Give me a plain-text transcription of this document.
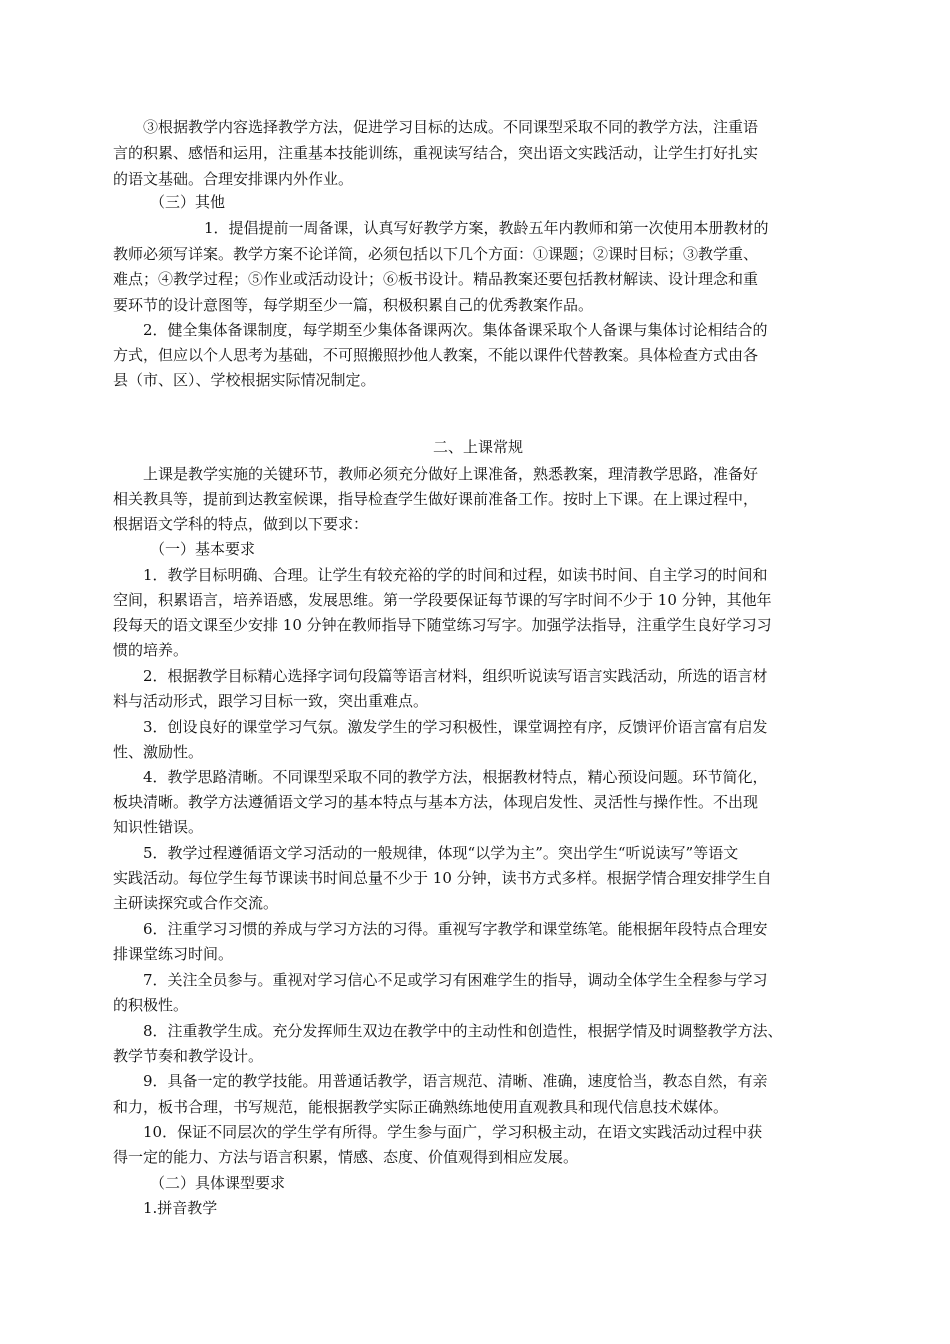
二、上课常规
③根据教学内容选择教学方法，促进学习目标的达成。不同课型采取不同的教学方法，注重语
言的积累、感悟和运用，注重基本技能训练，重视读写结合，突出语文实践活动，让学生打好扎实
的语文基础。合理安排课内外作业。
（三）其他
1．提倡提前一周备课，认真写好教学方案，教龄五年内教师和第一次使用本册教材的
教师必须写详案。教学方案不论详简，必须包括以下几个方面：①课题；②课时目标；③教学重、
难点；④教学过程；⑤作业或活动设计；⑥板书设计。精品教案还要包括教材解读、设计理念和重
要环节的设计意图等，每学期至少一篇，积极积累自己的优秀教案作品。
2．健全集体备课制度，每学期至少集体备课两次。集体备课采取个人备课与集体讨论相结合的
方式，但应以个人思考为基础，不可照搬照抄他人教案，不能以课件代替教案。具体检查方式由各
县（市、区）、学校根据实际情况制定。
上课是教学实施的关键环节，教师必须充分做好上课准备，熟悉教案，理清教学思路，准备好
相关教具等，提前到达教室候课，指导检查学生做好课前准备工作。按时上下课。在上课过程中，
根据语文学科的特点，做到以下要求：
（一）基本要求
1．教学目标明确、合理。让学生有较充裕的学的时间和过程，如读书时间、自主学习的时间和
空间，积累语言，培养语感，发展思维。第一学段要保证每节课的写字时间不少于 10 分钟，其他年
段每天的语文课至少安排 10 分钟在教师指导下随堂练习写字。加强学法指导，注重学生良好学习习
惯的培养。
2．根据教学目标精心选择字词句段篇等语言材料，组织听说读写语言实践活动，所选的语言材
料与活动形式，跟学习目标一致，突出重难点。
3．创设良好的课堂学习气氛。激发学生的学习积极性，课堂调控有序，反馈评价语言富有启发
性、激励性。
4．教学思路清晰。不同课型采取不同的教学方法，根据教材特点，精心预设问题。环节简化，
板块清晰。教学方法遵循语文学习的基本特点与基本方法，体现启发性、灵活性与操作性。不出现
知识性错误。
5．教学过程遵循语文学习活动的一般规律，体现“以学为主”。突出学生“听说读写”等语文
实践活动。每位学生每节课读书时间总量不少于 10 分钟，读书方式多样。根据学情合理安排学生自
主研读探究或合作交流。
6．注重学习习惯的养成与学习方法的习得。重视写字教学和课堂练笔。能根据年段特点合理安
排课堂练习时间。
7．关注全员参与。重视对学习信心不足或学习有困难学生的指导，调动全体学生全程参与学习
的积极性。
8．注重教学生成。充分发挥师生双边在教学中的主动性和创造性，根据学情及时调整教学方法、
教学节奏和教学设计。
9．具备一定的教学技能。用普通话教学，语言规范、清晰、准确，速度恰当，教态自然，有亲
和力，板书合理，书写规范，能根据教学实际正确熟练地使用直观教具和现代信息技术媒体。
10．保证不同层次的学生学有所得。学生参与面广，学习积极主动，在语文实践活动过程中获
得一定的能力、方法与语言积累，情感、态度、价值观得到相应发展。
（二）具体课型要求
1.拼音教学
